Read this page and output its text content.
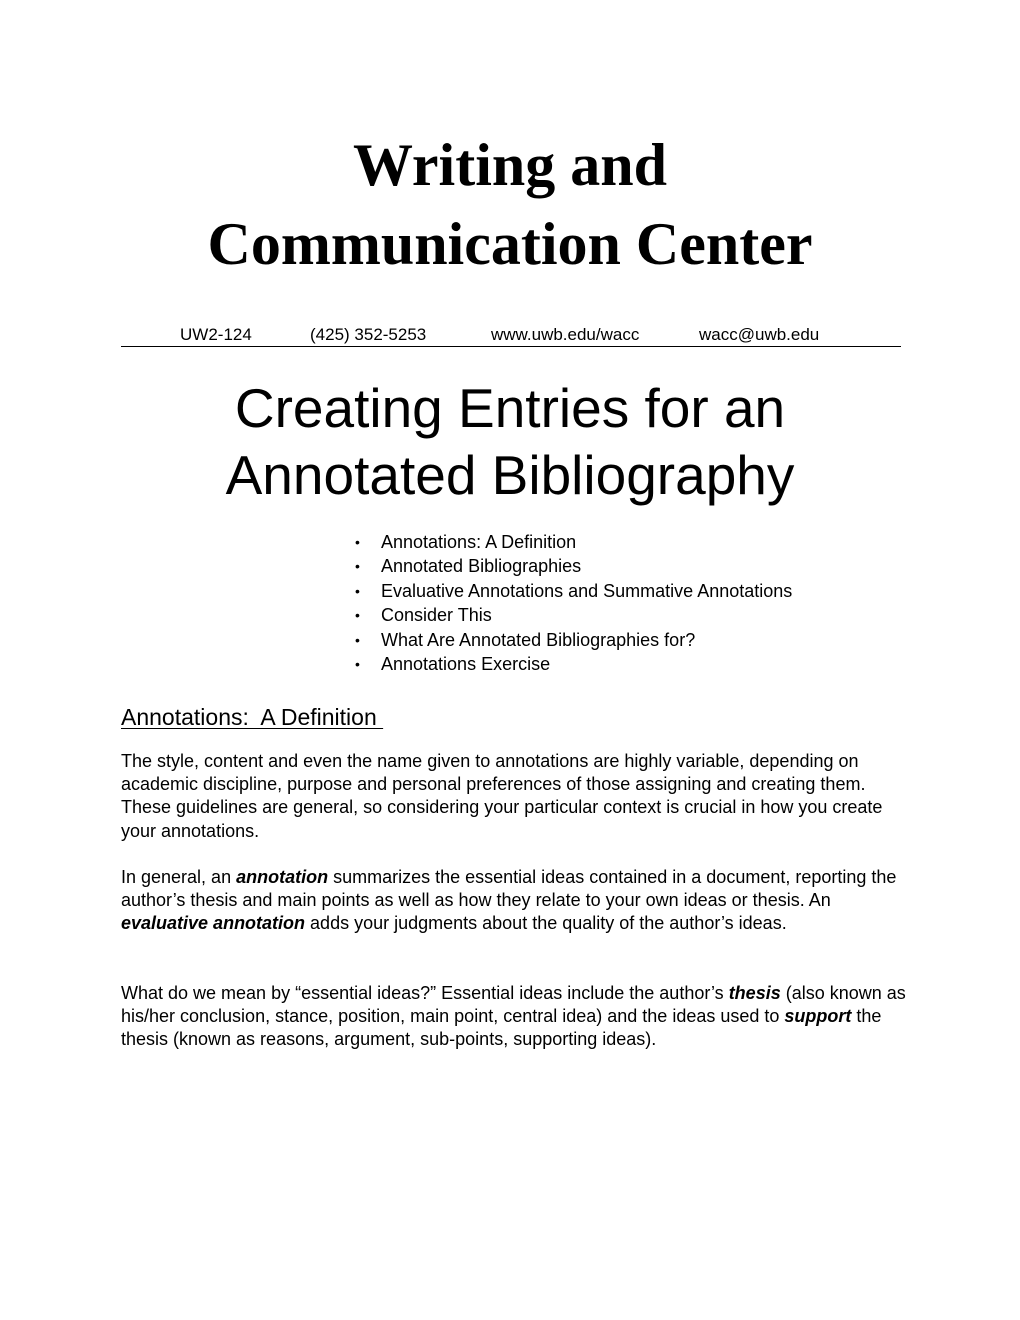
Writing and
Communication Center
UW2-124	(425) 352-5253	www.uwb.edu/wacc	wacc@uwb.edu
Creating Entries for an
Annotated Bibliography
• Annotations: A Definition
• Annotated Bibliographies
• Evaluative Annotations and Summative Annotations
• Consider This
• What Are Annotated Bibliographies for?
• Annotations Exercise
Annotations:  A Definition

The style, content and even the name given to annotations are highly variable, depending on academic discipline, purpose and personal preferences of those assigning and creating them. These guidelines are general, so considering your particular context is crucial in how you create your annotations.

In general, an annotation summarizes the essential ideas contained in a document, reporting the author’s thesis and main points as well as how they relate to your own ideas or thesis. An evaluative annotation adds your judgments about the quality of the author’s ideas.

What do we mean by “essential ideas?” Essential ideas include the author’s thesis (also known as his/her conclusion, stance, position, main point, central idea) and the ideas used to support the thesis (known as reasons, argument, sub-points, supporting ideas).
